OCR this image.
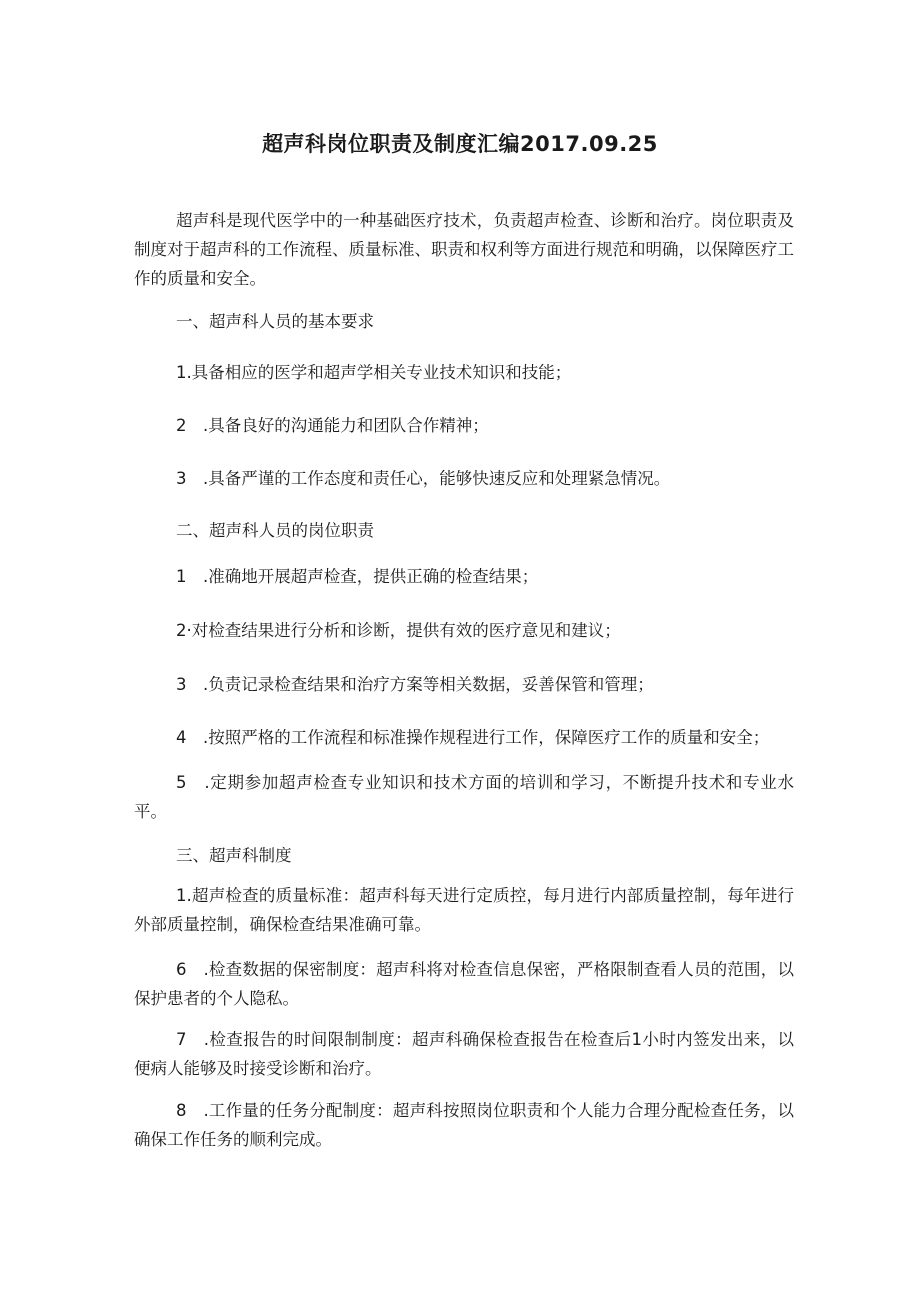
超声科岗位职责及制度汇编2017.09.25

超声科是现代医学中的一种基础医疗技术，负责超声检查、诊断和治疗。岗位职责及制度对于超声科的工作流程、质量标准、职责和权利等方面进行规范和明确，以保障医疗工作的质量和安全。

一、超声科人员的基本要求

1.具备相应的医学和超声学相关专业技术知识和技能；

2　.具备良好的沟通能力和团队合作精神；

3　.具备严谨的工作态度和责任心，能够快速反应和处理紧急情况。

二、超声科人员的岗位职责

1　.准确地开展超声检查，提供正确的检查结果；

2·对检查结果进行分析和诊断，提供有效的医疗意见和建议；

3　.负责记录检查结果和治疗方案等相关数据，妥善保管和管理；

4　.按照严格的工作流程和标准操作规程进行工作，保障医疗工作的质量和安全；

5　.定期参加超声检查专业知识和技术方面的培训和学习，不断提升技术和专业水平。

三、超声科制度

1.超声检查的质量标准：超声科每天进行定质控，每月进行内部质量控制，每年进行外部质量控制，确保检查结果准确可靠。

6　.检查数据的保密制度：超声科将对检查信息保密，严格限制查看人员的范围，以保护患者的个人隐私。

7　.检查报告的时间限制制度：超声科确保检查报告在检查后1小时内签发出来，以便病人能够及时接受诊断和治疗。

8　.工作量的任务分配制度：超声科按照岗位职责和个人能力合理分配检查任务，以确保工作任务的顺利完成。
